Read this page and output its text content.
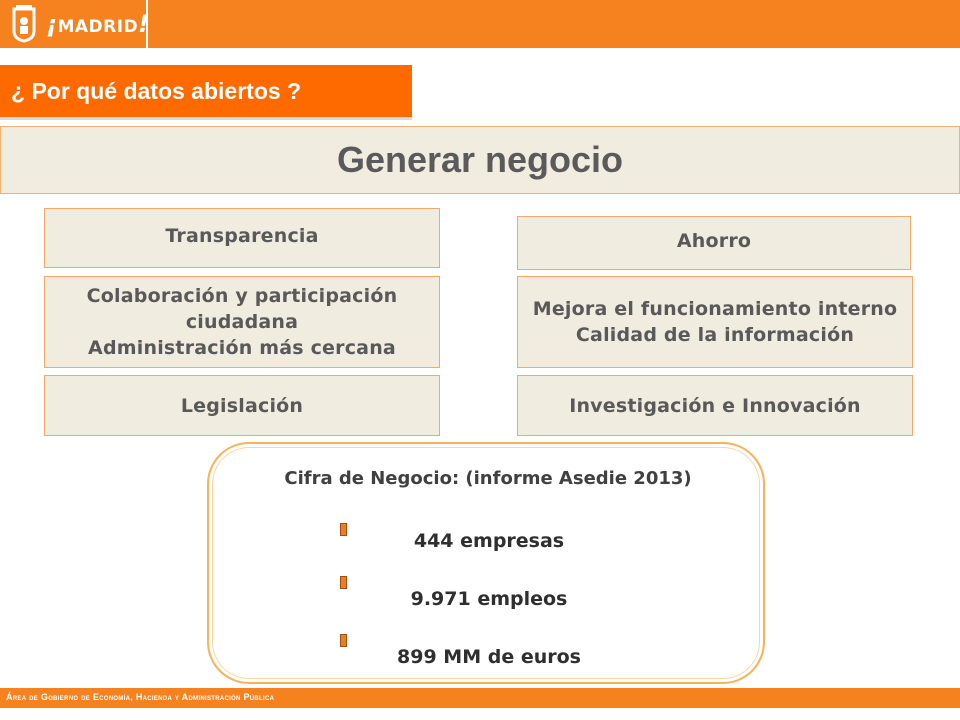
¡MADRID!
¿ Por qué datos abiertos ?
Generar negocio
Transparencia
Colaboración y participación
ciudadana
Administración más cercana
Legislación
Ahorro
Mejora el funcionamiento interno
Calidad de la información
Investigación e Innovación
Cifra de Negocio: (informe Asedie 2013)
444 empresas
9.971 empleos
899 MM de euros
Área de Gobierno de Economía, Hacienda y Administración Pública
